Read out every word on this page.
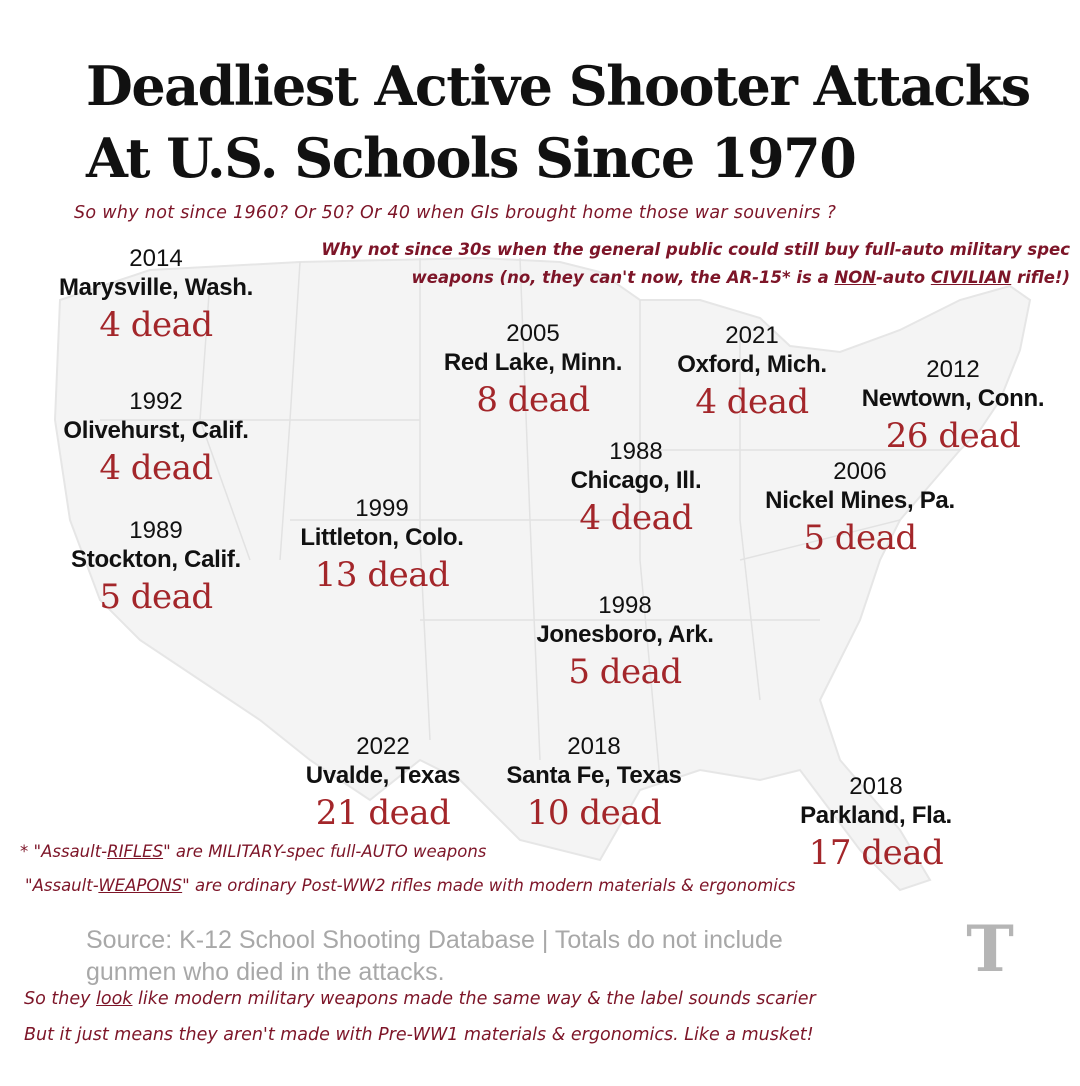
Deadliest Active Shooter Attacks
At U.S. Schools Since 1970
So why not since 1960? Or 50? Or 40 when GIs brought home those war souvenirs ?
Why not since 30s when the general public could still buy full-auto military spec
weapons (no, they can't now, the AR-15* is a NON-auto CIVILIAN rifle!)
2014
Marysville, Wash.
4 dead
1992
Olivehurst, Calif.
4 dead
1989
Stockton, Calif.
5 dead
1999
Littleton, Colo.
13 dead
2005
Red Lake, Minn.
8 dead
2021
Oxford, Mich.
4 dead
2012
Newtown, Conn.
26 dead
1988
Chicago, Ill.
4 dead
2006
Nickel Mines, Pa.
5 dead
1998
Jonesboro, Ark.
5 dead
2022
Uvalde, Texas
21 dead
2018
Santa Fe, Texas
10 dead
2018
Parkland, Fla.
17 dead
* "Assault-RIFLES" are MILITARY-spec full-AUTO weapons
"Assault-WEAPONS" are ordinary Post-WW2 rifles made with modern materials & ergonomics
Source: K-12 School Shooting Database | Totals do not include
gunmen who died in the attacks.	T
So they look like modern military weapons made the same way & the label sounds scarier
But it just means they aren't made with Pre-WW1 materials & ergonomics. Like a musket!
